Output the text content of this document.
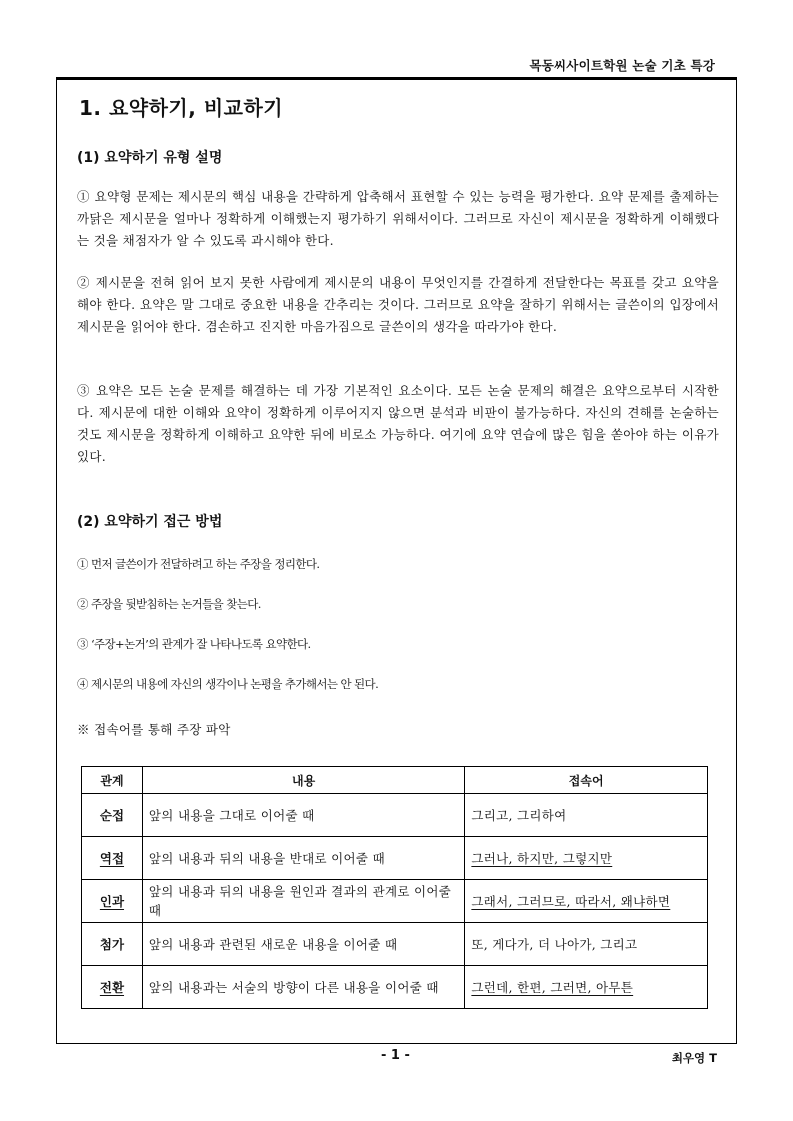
목동씨사이트학원 논술 기초 특강
1. 요약하기, 비교하기
(1) 요약하기 유형 설명
① 요약형 문제는 제시문의 핵심 내용을 간략하게 압축해서 표현할 수 있는 능력을 평가한다. 요약 문제를 출제하는 까닭은 제시문을 얼마나 정확하게 이해했는지 평가하기 위해서이다. 그러므로 자신이 제시문을 정확하게 이해했다는 것을 채점자가 알 수 있도록 과시해야 한다.
② 제시문을 전혀 읽어 보지 못한 사람에게 제시문의 내용이 무엇인지를 간결하게 전달한다는 목표를 갖고 요약을 해야 한다. 요약은 말 그대로 중요한 내용을 간추리는 것이다. 그러므로 요약을 잘하기 위해서는 글쓴이의 입장에서 제시문을 읽어야 한다. 겸손하고 진지한 마음가짐으로 글쓴이의 생각을 따라가야 한다.
③ 요약은 모든 논술 문제를 해결하는 데 가장 기본적인 요소이다. 모든 논술 문제의 해결은 요약으로부터 시작한다. 제시문에 대한 이해와 요약이 정확하게 이루어지지 않으면 분석과 비판이 불가능하다. 자신의 견해를 논술하는 것도 제시문을 정확하게 이해하고 요약한 뒤에 비로소 가능하다. 여기에 요약 연습에 많은 힘을 쏟아야 하는 이유가 있다.
(2) 요약하기 접근 방법
① 먼저 글쓴이가 전달하려고 하는 주장을 정리한다.
② 주장을 뒷받침하는 논거들을 찾는다.
③ ‘주장+논거’의 관계가 잘 나타나도록 요약한다.
④ 제시문의 내용에 자신의 생각이나 논평을 추가해서는 안 된다.
※ 접속어를 통해 주장 파악
관계	내용	접속어
순접	앞의 내용을 그대로 이어줄 때	그리고, 그리하여
역접	앞의 내용과 뒤의 내용을 반대로 이어줄 때	그러나, 하지만, 그렇지만
인과	앞의 내용과 뒤의 내용을 원인과 결과의 관계로 이어줄 때	그래서, 그러므로, 따라서, 왜냐하면
첨가	앞의 내용과 관련된 새로운 내용을 이어줄 때	또, 게다가, 더 나아가, 그리고
전환	앞의 내용과는 서술의 방향이 다른 내용을 이어줄 때	그런데, 한편, 그러면, 아무튼
- 1 -	최우영 T
